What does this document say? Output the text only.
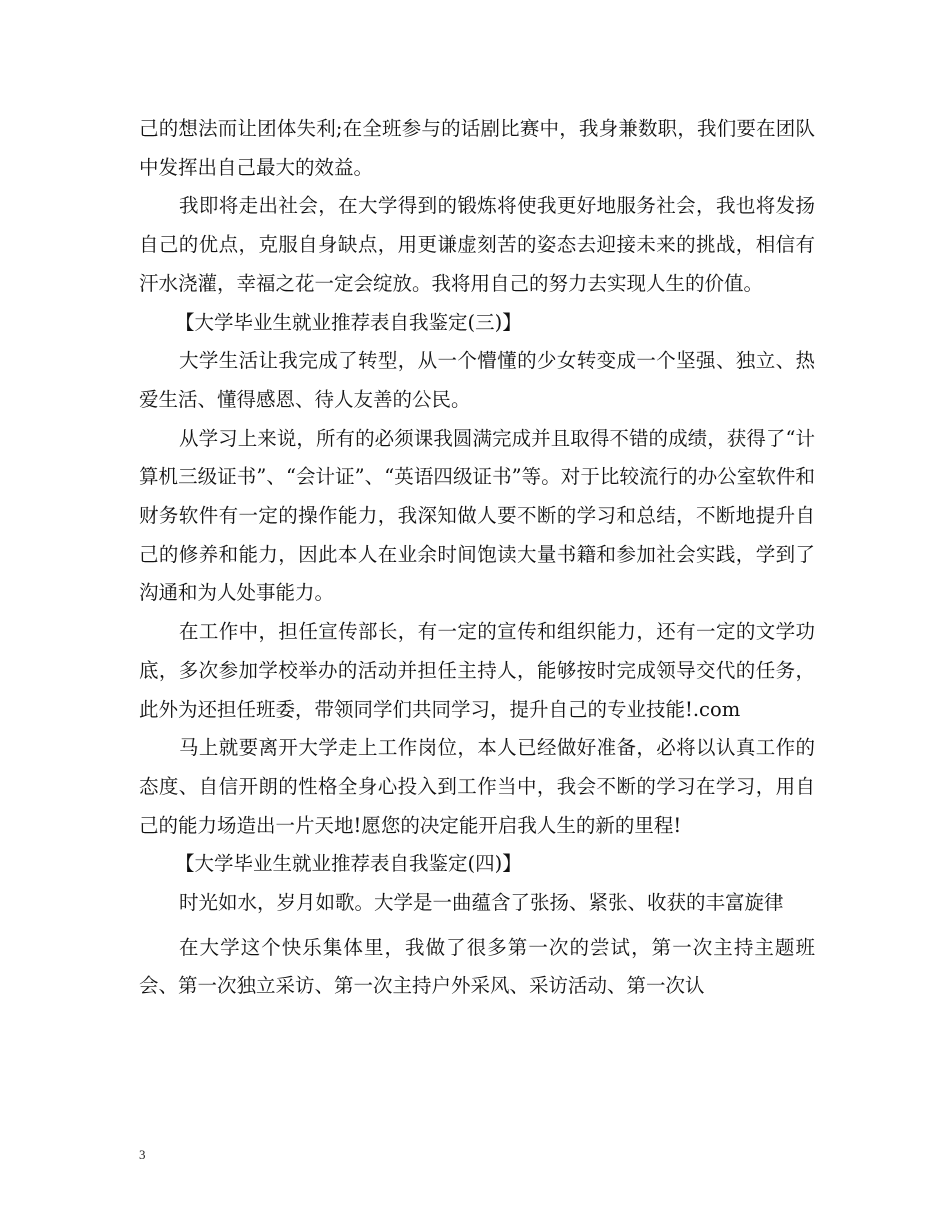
己的想法而让团体失利;在全班参与的话剧比赛中，我身兼数职，我们要在团队中发挥出自己最大的效益。

我即将走出社会，在大学得到的锻炼将使我更好地服务社会，我也将发扬自己的优点，克服自身缺点，用更谦虚刻苦的姿态去迎接未来的挑战，相信有汗水浇灌，幸福之花一定会绽放。我将用自己的努力去实现人生的价值。

【大学毕业生就业推荐表自我鉴定(三)】

大学生活让我完成了转型，从一个懵懂的少女转变成一个坚强、独立、热爱生活、懂得感恩、待人友善的公民。

从学习上来说，所有的必须课我圆满完成并且取得不错的成绩，获得了“计算机三级证书”、“会计证”、“英语四级证书”等。对于比较流行的办公室软件和财务软件有一定的操作能力，我深知做人要不断的学习和总结，不断地提升自己的修养和能力，因此本人在业余时间饱读大量书籍和参加社会实践，学到了沟通和为人处事能力。

在工作中，担任宣传部长，有一定的宣传和组织能力，还有一定的文学功底，多次参加学校举办的活动并担任主持人，能够按时完成领导交代的任务，此外为还担任班委，带领同学们共同学习，提升自己的专业技能!.com

马上就要离开大学走上工作岗位，本人已经做好准备，必将以认真工作的态度、自信开朗的性格全身心投入到工作当中，我会不断的学习在学习，用自己的能力场造出一片天地!愿您的决定能开启我人生的新的里程!

【大学毕业生就业推荐表自我鉴定(四)】

时光如水，岁月如歌。大学是一曲蕴含了张扬、紧张、收获的丰富旋律

在大学这个快乐集体里，我做了很多第一次的尝试，第一次主持主题班会、第一次独立采访、第一次主持户外采风、采访活动、第一次认

3
